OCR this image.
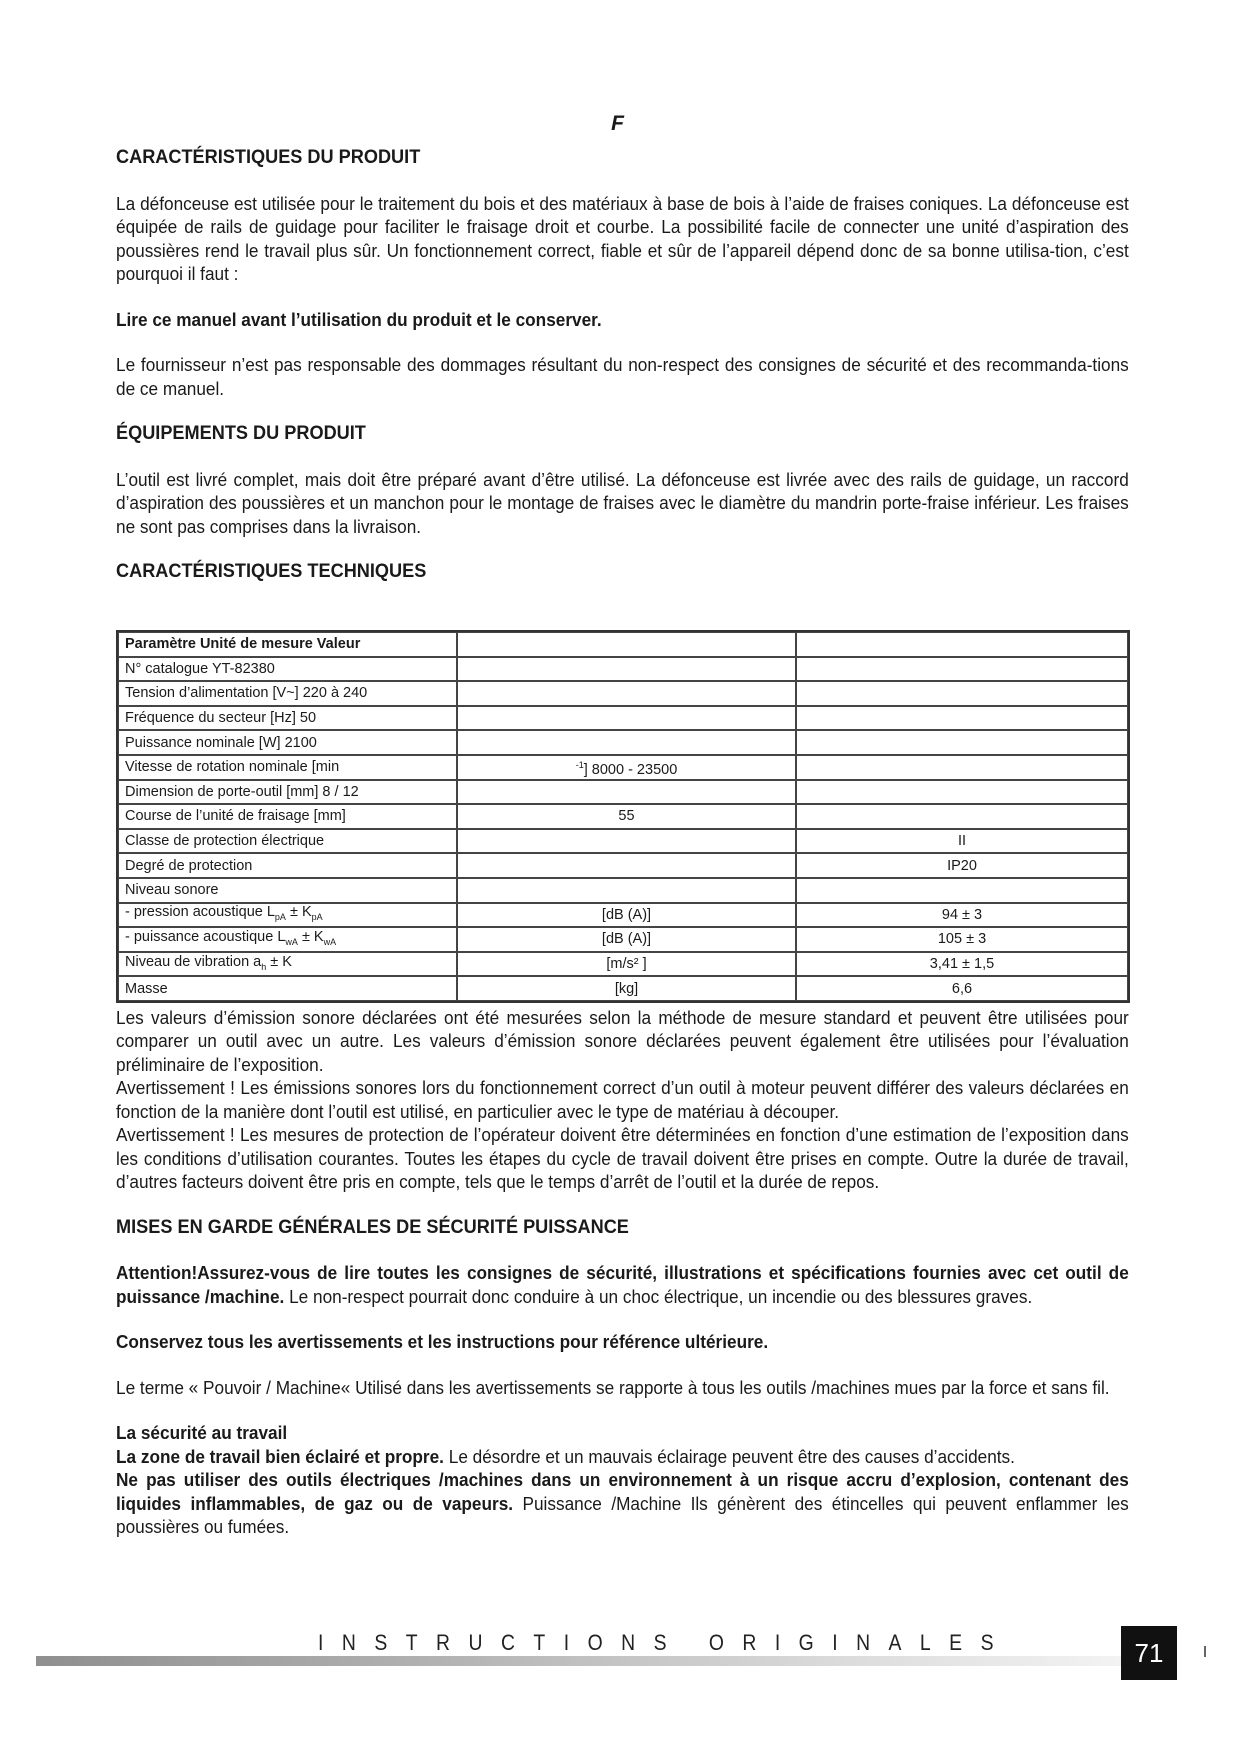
F

CARACTÉRISTIQUES DU PRODUIT

La défonceuse est utilisée pour le traitement du bois et des matériaux à base de bois à l’aide de fraises coniques. La défonceuse est équipée de rails de guidage pour faciliter le fraisage droit et courbe. La possibilité facile de connecter une unité d’aspiration des poussières rend le travail plus sûr. Un fonctionnement correct, fiable et sûr de l’appareil dépend donc de sa bonne utilisa-tion, c’est pourquoi il faut :

Lire ce manuel avant l’utilisation du produit et le conserver.

Le fournisseur n’est pas responsable des dommages résultant du non-respect des consignes de sécurité et des recommanda-tions de ce manuel.

ÉQUIPEMENTS DU PRODUIT

L’outil est livré complet, mais doit être préparé avant d’être utilisé. La défonceuse est livrée avec des rails de guidage, un raccord d’aspiration des poussières et un manchon pour le montage de fraises avec le diamètre du mandrin porte-fraise inférieur. Les fraises ne sont pas comprises dans la livraison.

CARACTÉRISTIQUES TECHNIQUES

Les valeurs d’émission sonore déclarées ont été mesurées selon la méthode de mesure standard et peuvent être utilisées pour comparer un outil avec un autre. Les valeurs d’émission sonore déclarées peuvent également être utilisées pour l’évaluation préliminaire de l’exposition.

Avertissement ! Les émissions sonores lors du fonctionnement correct d’un outil à moteur peuvent différer des valeurs déclarées en fonction de la manière dont l’outil est utilisé, en particulier avec le type de matériau à découper.

Avertissement ! Les mesures de protection de l’opérateur doivent être déterminées en fonction d’une estimation de l’exposition dans les conditions d’utilisation courantes. Toutes les étapes du cycle de travail doivent être prises en compte. Outre la durée de travail, d’autres facteurs doivent être pris en compte, tels que le temps d’arrêt de l’outil et la durée de repos.

MISES EN GARDE GÉNÉRALES DE SÉCURITÉ PUISSANCE

Attention!Assurez-vous de lire toutes les consignes de sécurité, illustrations et spécifications fournies avec cet outil de puissance /machine. Le non-respect pourrait donc conduire à un choc électrique, un incendie ou des blessures graves.

Conservez tous les avertissements et les instructions pour référence ultérieure.

Le terme « Pouvoir / Machine« Utilisé dans les avertissements se rapporte à tous les outils /machines mues par la force et sans fil.

La sécurité au travail

La zone de travail bien éclairé et propre. Le désordre et un mauvais éclairage peuvent être des causes d’accidents.

Ne pas utiliser des outils électriques /machines dans un environnement à un risque accru d’explosion, contenant des liquides inflammables, de gaz ou de vapeurs. Puissance /Machine Ils génèrent des étincelles qui peuvent enflammer les poussières ou fumées.

Paramètre Unité de mesure Valeur		
N° catalogue YT-82380		
Tension d’alimentation [V~] 220 à 240		
Fréquence du secteur [Hz] 50		
Puissance nominale [W] 2100		
Vitesse de rotation nominale [min	$^{-1}$] 8000 - 23500	
Dimension de porte-outil [mm] 8 / 12		
Course de l’unité de fraisage [mm]	55	
Classe de protection électrique		II
Degré de protection		IP20
Niveau sonore		
- pression acoustique $L_{pA} \pm K_{pA}$	[dB (A)]	94 ± 3
- puissance acoustique $L_{wA} \pm K_{wA}$	[dB (A)]	105 ± 3
Niveau de vibration $a_h \pm K$	[m/s² ]	3,41 ± 1,5
Masse	[kg]	6,6
INSTRUCTIONS ORIGINALES	71
